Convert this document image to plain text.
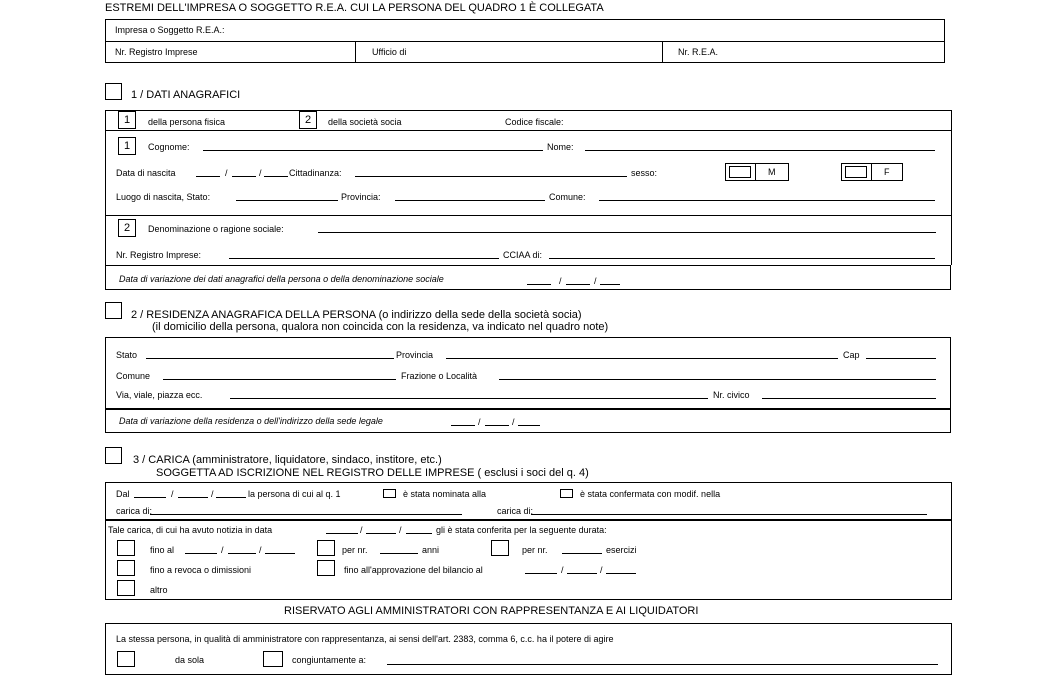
ESTREMI DELL'IMPRESA O SOGGETTO R.E.A. CUI LA PERSONA DEL QUADRO 1 È COLLEGATA
Impresa o Soggetto R.E.A.:
Nr. Registro Imprese	Ufficio di	Nr. R.E.A.
1 / DATI ANAGRAFICI
1	della persona fisica	2	della società socia	Codice fiscale:
1	Cognome:	Nome:
Data di nascita	/	/	Cittadinanza:	sesso:	M	F
Luogo di nascita, Stato:	Provincia:	Comune:
2	Denominazione o ragione sociale:
Nr. Registro Imprese:	CCIAA di:
Data di variazione dei dati anagrafici della persona o della denominazione sociale	/	/
2 / RESIDENZA ANAGRAFICA DELLA PERSONA (o indirizzo della sede della società socia)
(il domicilio della persona, qualora non coincida con la residenza, va indicato nel quadro note)
Stato	Provincia	Cap
Comune	Frazione o Località
Via, viale, piazza ecc.	Nr. civico
Data di variazione della residenza o dell'indirizzo della sede legale	/	/
3 / CARICA (amministratore, liquidatore, sindaco, institore, etc.)
SOGGETTA AD ISCRIZIONE NEL REGISTRO DELLE IMPRESE ( esclusi i soci del q. 4)
Dal	/	/	la persona di cui al q. 1	è stata nominata alla	è stata confermata con modif. nella
carica di:	carica di:
Tale carica, di cui ha avuto notizia in data	/	/	gli è stata conferita per la seguente durata:
fino al	/	/	per nr.	anni	per nr.	esercizi
fino a revoca o dimissioni	fino all'approvazione del bilancio al	/	/
altro
RISERVATO AGLI AMMINISTRATORI CON RAPPRESENTANZA E AI LIQUIDATORI
La stessa persona, in qualità di amministratore con rappresentanza, ai sensi dell'art. 2383, comma 6, c.c. ha il potere di agire
da sola	congiuntamente a:
